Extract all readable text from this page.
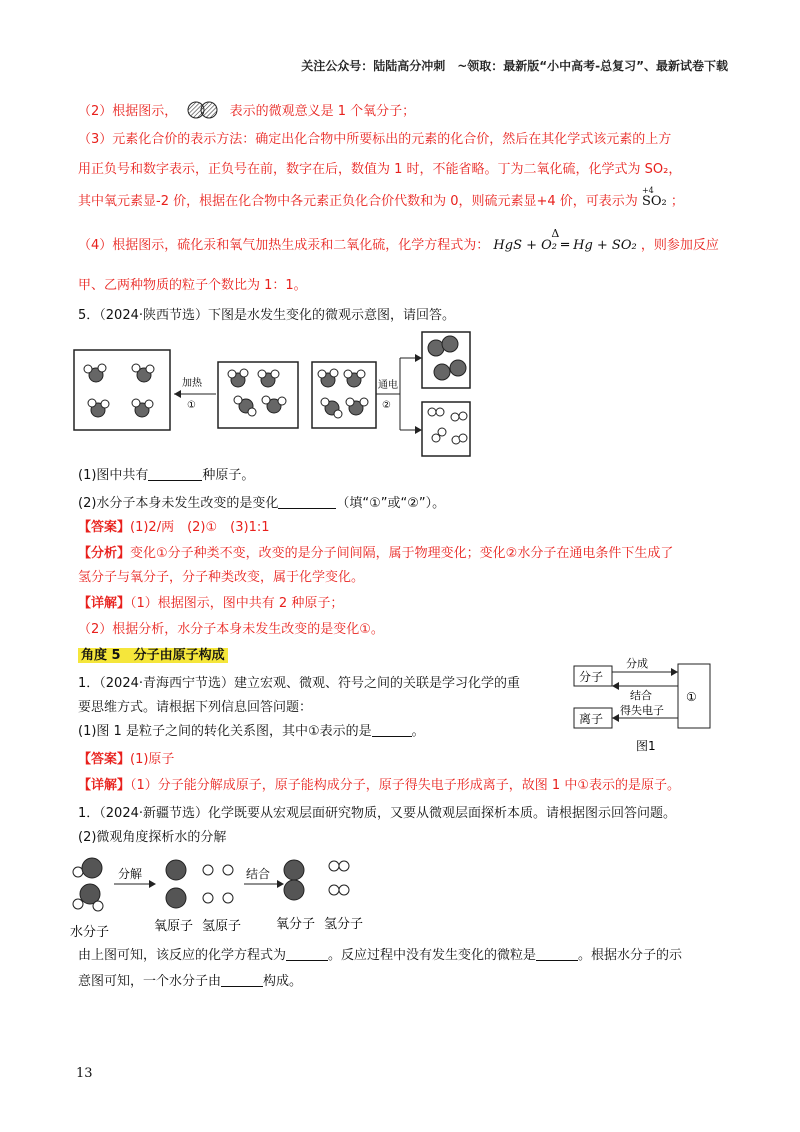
关注公众号：陆陆高分冲刺　~领取：最新版“小中高考-总复习”、最新试卷下载
（2）根据图示，	表示的微观意义是 1 个氧分子；
（3）元素化合价的表示方法：确定出化合物中所要标出的元素的化合价，然后在其化学式该元素的上方
用正负号和数字表示，正负号在前，数字在后，数值为 1 时，不能省略。丁为二氧化硫，化学式为 SO₂，
其中氧元素显-2 价，根据在化合物中各元素正负化合价代数和为 0，则硫元素显+4 价，可表示为
+4
SO₂ ；
（4）根据图示，硫化汞和氧气加热生成汞和二氧化硫，化学方程式为：
Δ
HgS + O₂ ═ Hg + SO₂ ，则参加反应
甲、乙两种物质的粒子个数比为 1：1。
5．（2024·陕西节选）下图是水发生变化的微观示意图，请回答。
加热
①
通电
②
(1)图中共有	种原子。
(2)水分子本身未发生改变的是变化	（填“①”或“②”）。
【答案】(1)2/两　(2)①　(3)1:1
【分析】变化①分子种类不变，改变的是分子间间隔，属于物理变化；变化②水分子在通电条件下生成了
氢分子与氧分子，分子种类改变，属于化学变化。
【详解】（1）根据图示，图中共有 2 种原子；
（2）根据分析，水分子本身未发生改变的是变化①。
角度 5　分子由原子构成
1．（2024·青海西宁节选）建立宏观、微观、符号之间的关联是学习化学的重
要思维方式。请根据下列信息回答问题：
(1)图 1 是粒子之间的转化关系图，其中①表示的是	。
分子
离子
①
分成
结合
得失电子
图1
【答案】(1)原子
【详解】（1）分子能分解成原子，原子能构成分子，原子得失电子形成离子，故图 1 中①表示的是原子。
1．（2024·新疆节选）化学既要从宏观层面研究物质，又要从微观层面探析本质。请根据图示回答问题。
(2)微观角度探析水的分解
分解	结合
水分子	氧原子 氢原子	氧分子 氢分子
由上图可知，该反应的化学方程式为	。反应过程中没有发生变化的微粒是	。根据水分子的示
意图可知，一个水分子由	构成。
13
